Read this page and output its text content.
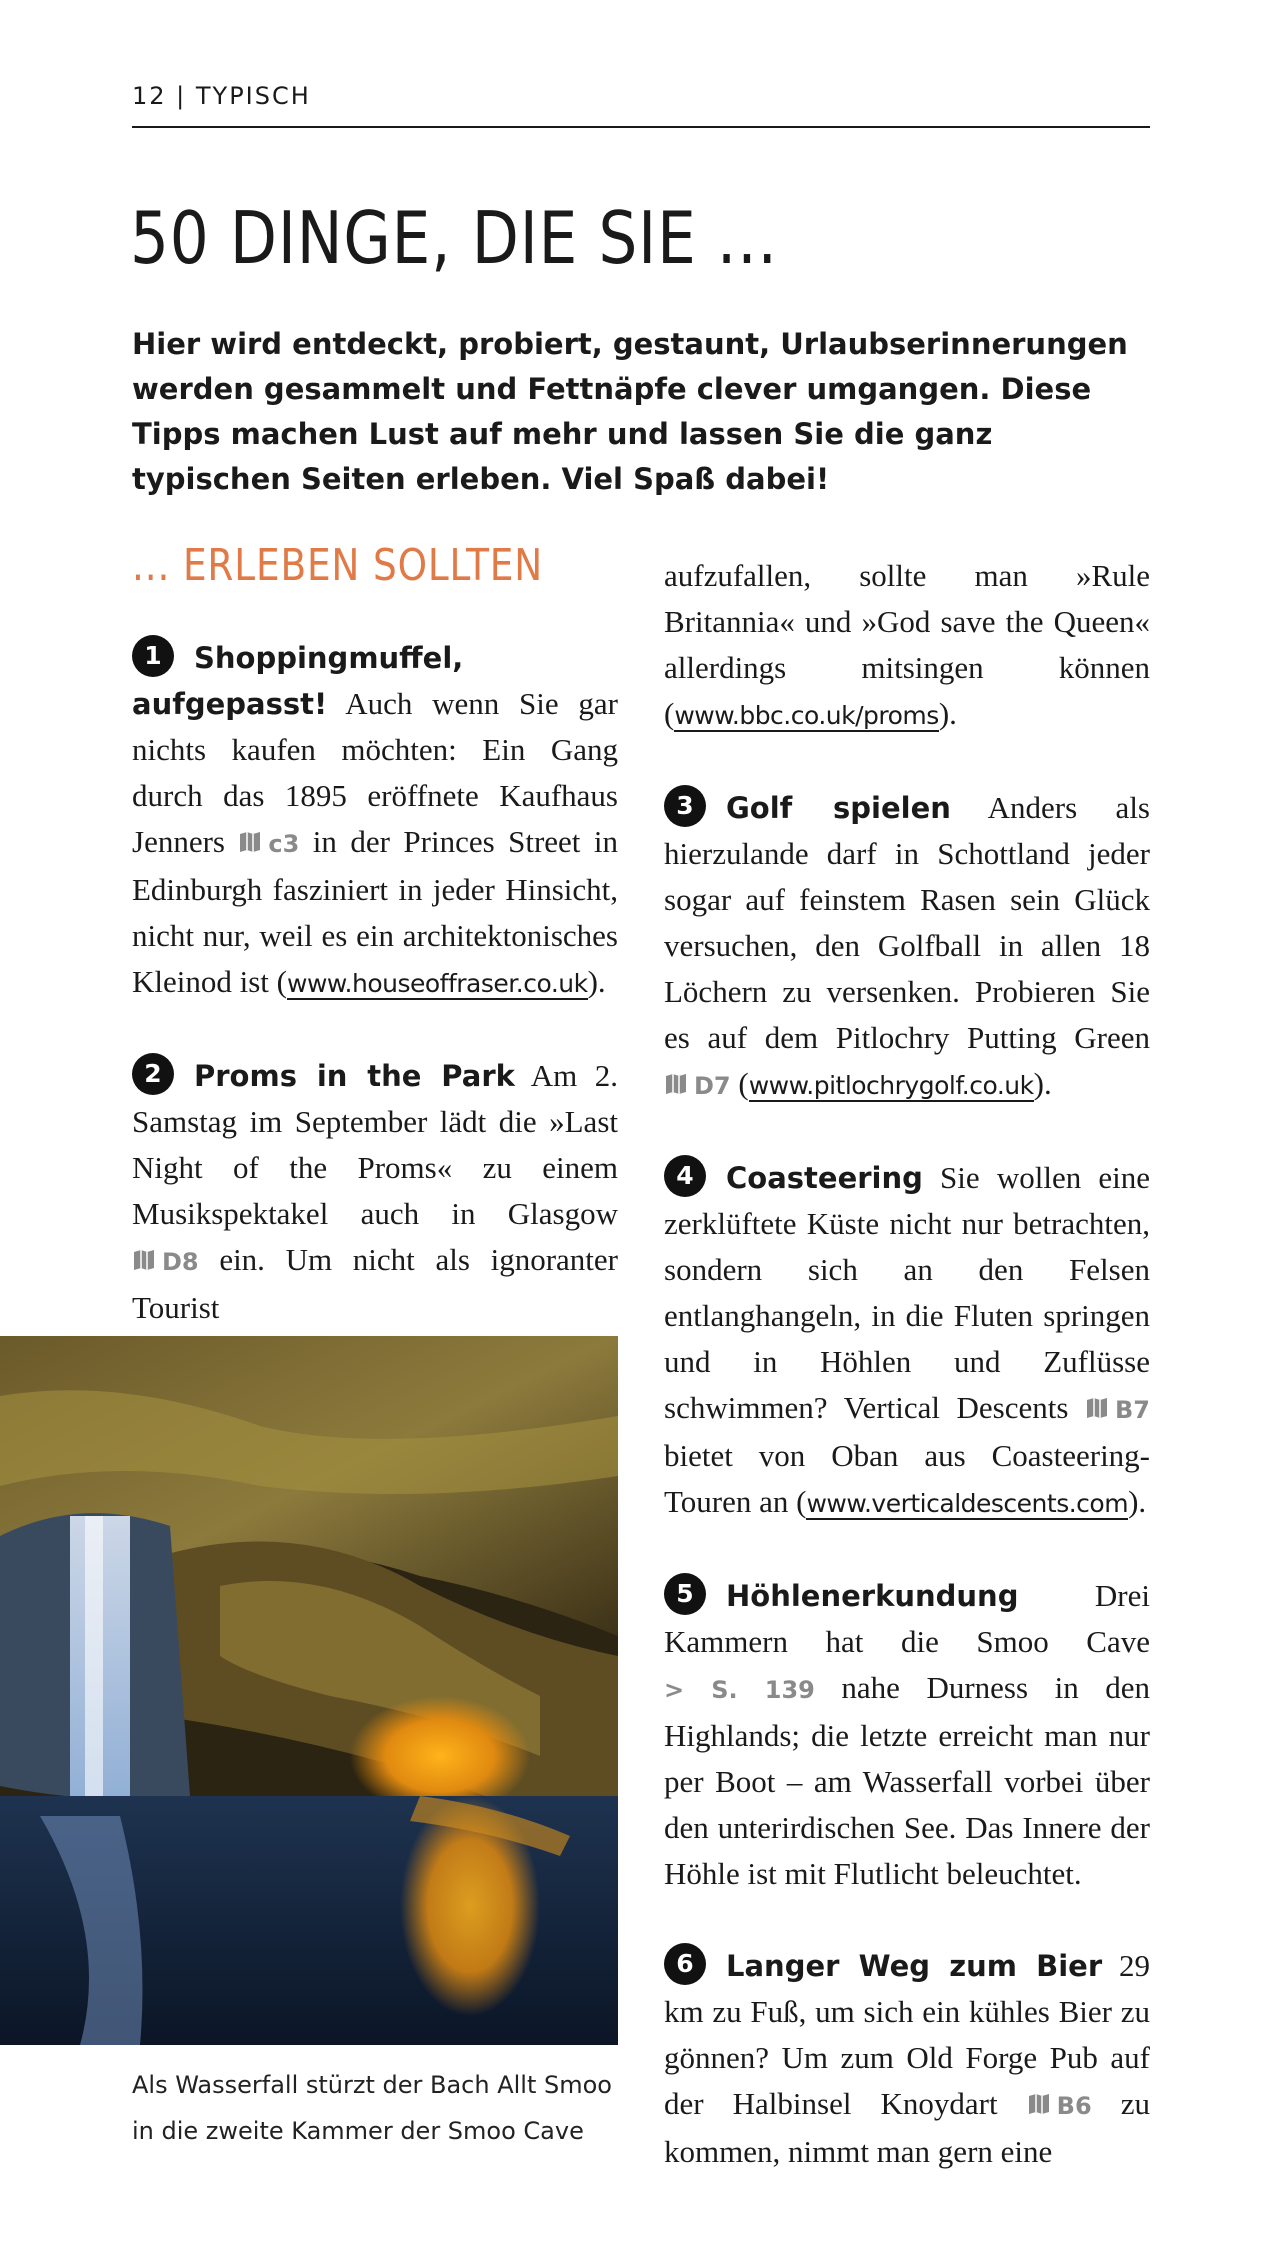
12 | TYPISCH
50 DINGE, DIE SIE ...

Hier wird entdeckt, probiert, gestaunt, Urlaubserinnerungen werden gesammelt und Fettnäpfe clever umgangen. Diese Tipps machen Lust auf mehr und lassen Sie die ganz typischen Seiten erleben. Viel Spaß dabei!

... ERLEBEN SOLLTEN

1 Shoppingmuffel, aufgepasst! Auch wenn Sie gar nichts kaufen möchten: Ein Gang durch das 1895 eröffnete Kaufhaus Jenners c3 in der Princes Street in Edinburgh fasziniert in jeder Hinsicht, nicht nur, weil es ein architektonisches Kleinod ist (www.houseoffraser.co.uk).

2 Proms in the Park Am 2. Samstag im September lädt die »Last Night of the Proms« zu einem Musikspektakel auch in Glasgow D8 ein. Um nicht als ignoranter Tourist

Als Wasserfall stürzt der Bach Allt Smoo in die zweite Kammer der Smoo Cave

aufzufallen, sollte man »Rule Britannia« und »God save the Queen« allerdings mitsingen können (www.bbc.co.uk/proms).

3 Golf spielen Anders als hierzulande darf in Schottland jeder sogar auf feinstem Rasen sein Glück versuchen, den Golfball in allen 18 Löchern zu versenken. Probieren Sie es auf dem Pitlochry Putting Green D7 (www.pitlochrygolf.co.uk).

4 Coasteering Sie wollen eine zerklüftete Küste nicht nur betrachten, sondern sich an den Felsen entlanghangeln, in die Fluten springen und in Höhlen und Zuflüsse schwimmen? Vertical Descents B7 bietet von Oban aus Coasteering-Touren an (www.verticaldescents.com).

5 Höhlenerkundung Drei Kammern hat die Smoo Cave > S. 139 nahe Durness in den Highlands; die letzte erreicht man nur per Boot – am Wasserfall vorbei über den unterirdischen See. Das Innere der Höhle ist mit Flutlicht beleuchtet.

6 Langer Weg zum Bier 29 km zu Fuß, um sich ein kühles Bier zu gönnen? Um zum Old Forge Pub auf der Halbinsel Knoydart B6 zu kommen, nimmt man gern eine
